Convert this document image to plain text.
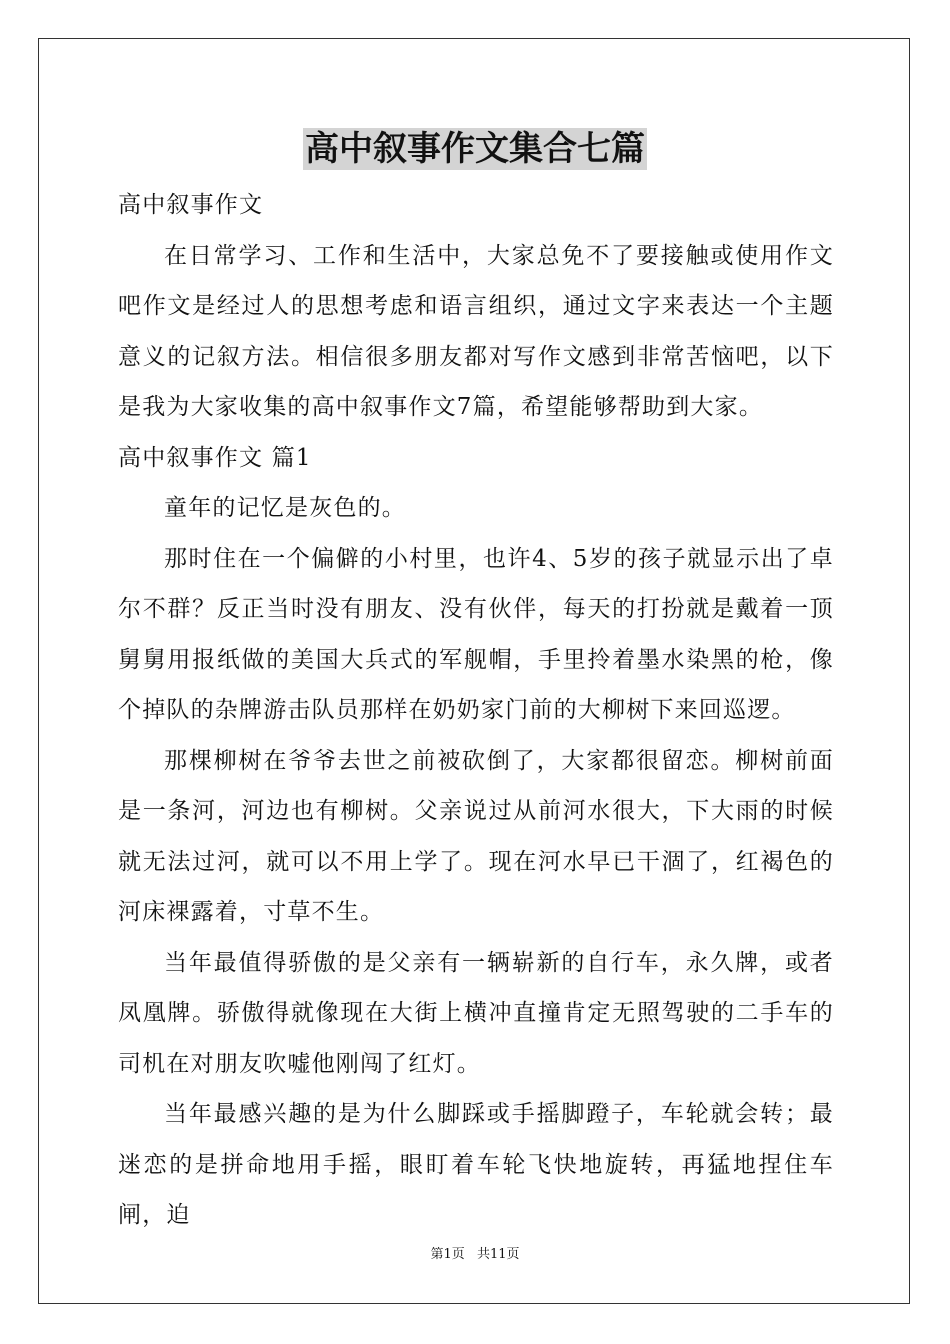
高中叙事作文集合七篇

高中叙事作文

在日常学习、工作和生活中，大家总免不了要接触或使用作文吧作文是经过人的思想考虑和语言组织，通过文字来表达一个主题意义的记叙方法。相信很多朋友都对写作文感到非常苦恼吧，以下是我为大家收集的高中叙事作文7篇，希望能够帮助到大家。

高中叙事作文 篇1

童年的记忆是灰色的。

那时住在一个偏僻的小村里，也许4、5岁的孩子就显示出了卓尔不群？反正当时没有朋友、没有伙伴，每天的打扮就是戴着一顶舅舅用报纸做的美国大兵式的军舰帽，手里拎着墨水染黑的枪，像个掉队的杂牌游击队员那样在奶奶家门前的大柳树下来回巡逻。

那棵柳树在爷爷去世之前被砍倒了，大家都很留恋。柳树前面是一条河，河边也有柳树。父亲说过从前河水很大，下大雨的时候就无法过河，就可以不用上学了。现在河水早已干涸了，红褐色的河床裸露着，寸草不生。

当年最值得骄傲的是父亲有一辆崭新的自行车，永久牌，或者凤凰牌。骄傲得就像现在大街上横冲直撞肯定无照驾驶的二手车的司机在对朋友吹嘘他刚闯了红灯。

当年最感兴趣的是为什么脚踩或手摇脚蹬子，车轮就会转；最迷恋的是拼命地用手摇，眼盯着车轮飞快地旋转，再猛地捏住车闸，迫

第1页 共11页
